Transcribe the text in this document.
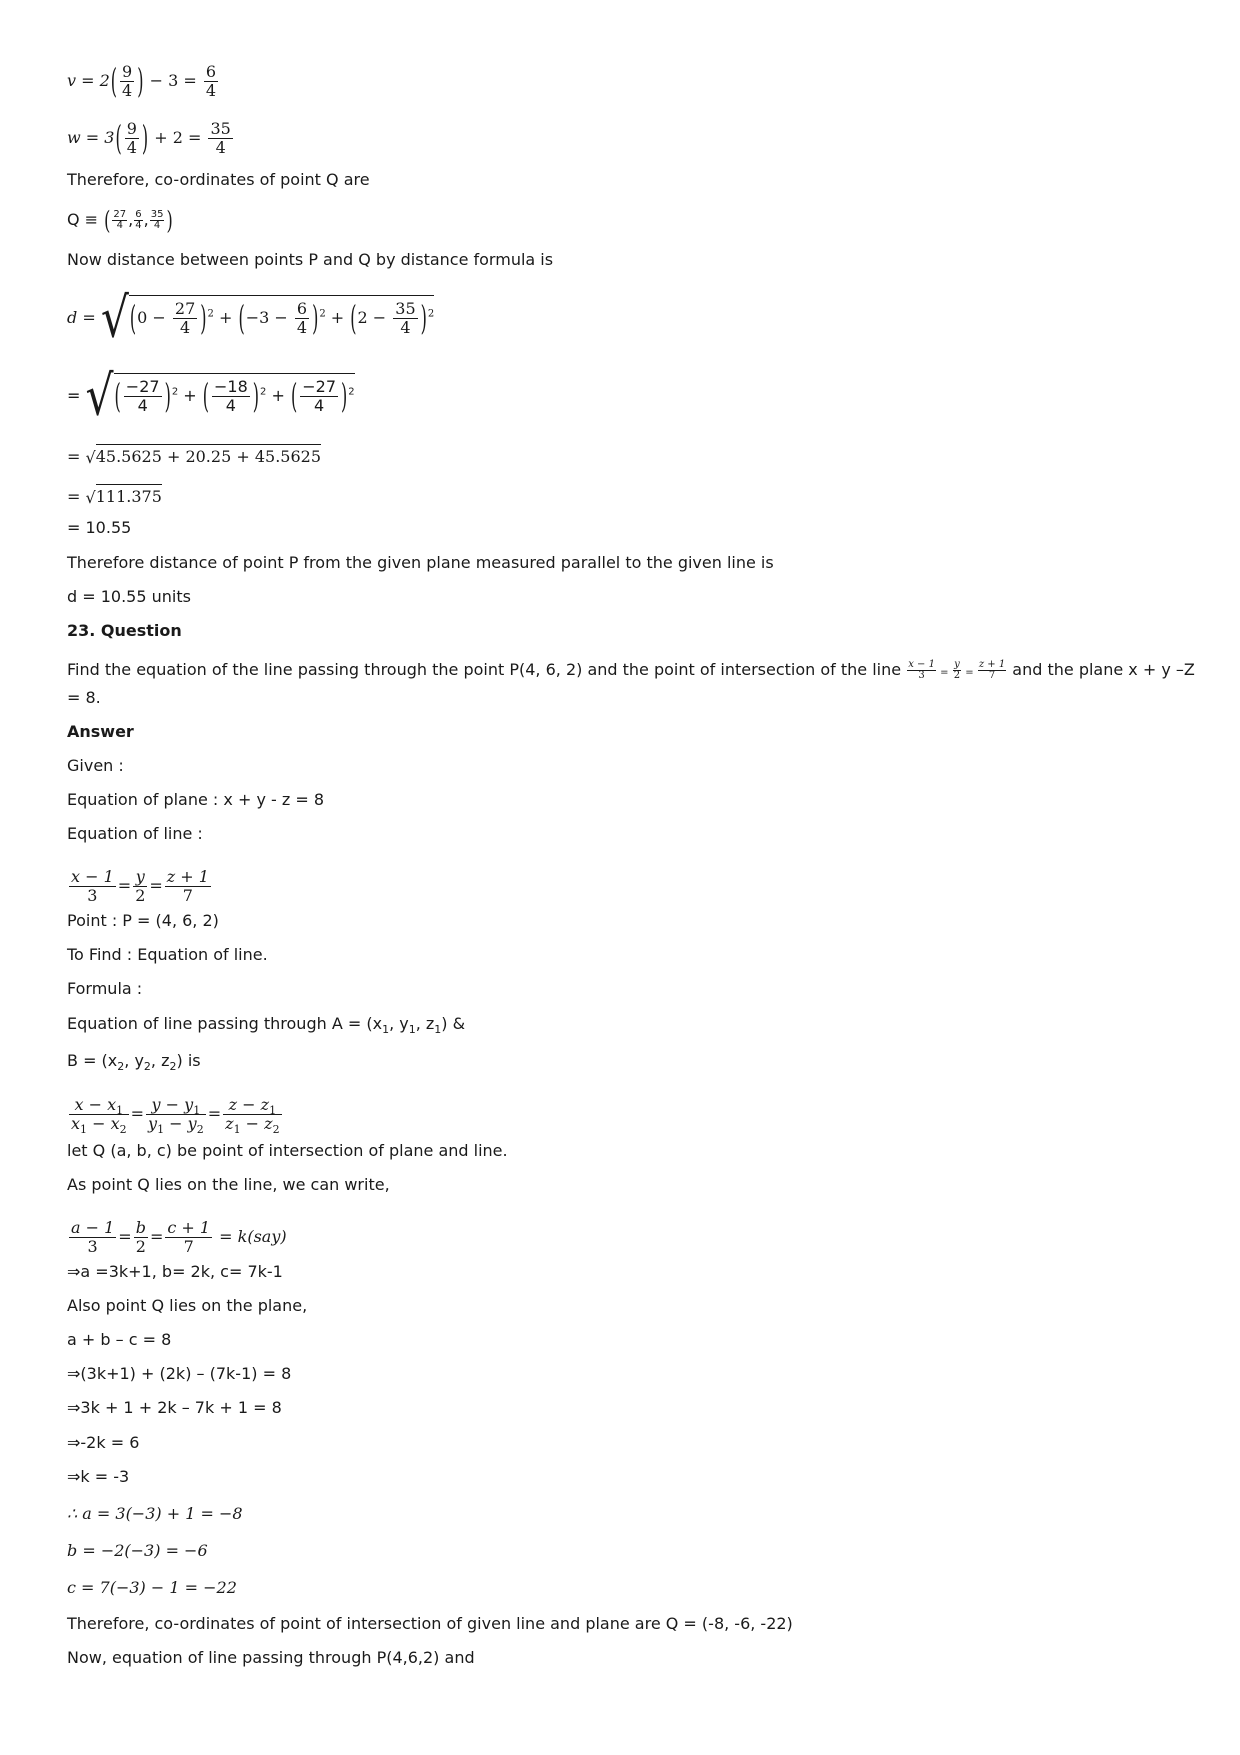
$v = 2( \frac{9}{4}$ ) − $3 = \frac{6}{4}$
$w = 3( \frac{9}{4}$ ) + $2 = \frac{35}{4}$
Therefore, co-ordinates of point Q are
Q ≡ ( $\frac{27}{4}$ , $\frac{6}{4}$ , $\frac{35}{4}$ )
Now distance between points P and Q by distance formula is
$d = √(0 - \frac{27}{4} )^2 + (-3 - \frac{6}{4} )^2 + (2 - \frac{35}{4} )^2$
= √( $\frac{-27}{4} )^2$ + ( $\frac{-18}{4} )^2$ + ( $\frac{-27}{4} )^2$
= √45.5625 + 20.25 + 45.5625
= √111.375
= 10.55
Therefore distance of point P from the given plane measured parallel to the given line is
d = 10.55 units
23. Question
Find the equation of the line passing through the point P(4, 6, 2) and the point of intersection of the line $\frac{x - 1}{3} = \frac{y}{2} = \frac{z + 1}{7}$ and the plane x + y –Z
= 8.
Answer
Given :
Equation of plane : x + y - z = 8
Equation of line :
$\frac{x - 1}{3} = \frac{y}{2} = \frac{z + 1}{7}$
Point : P = (4, 6, 2)
To Find : Equation of line.
Formula :
Equation of line passing through $A = (x_1$, $y_1$, $z_1$) &
$B = (x_2$, $y_2$, $z_2$) is
$\frac{x - x_1}{x_1 - x_2} = \frac{y - y_1}{y_1 - y_2} = \frac{z - z_1}{z_1 - z_2}$
let Q (a, b, c) be point of intersection of plane and line.
As point Q lies on the line, we can write,
$\frac{a - 1}{3} = \frac{b}{2} = \frac{c + 1}{7} = k(say)$
⇒a =3k+1, b= 2k, c= 7k-1
Also point Q lies on the plane,
a + b – c = 8
⇒(3k+1) + (2k) – (7k-1) = 8
⇒3k + 1 + 2k – 7k + 1 = 8
⇒-2k = 6
⇒k = -3
∴ a = 3(−3) + 1 = −8
b = −2(−3) = −6
c = 7(−3) − 1 = −22
Therefore, co-ordinates of point of intersection of given line and plane are Q = (-8, -6, -22)
Now, equation of line passing through P(4,6,2) and
